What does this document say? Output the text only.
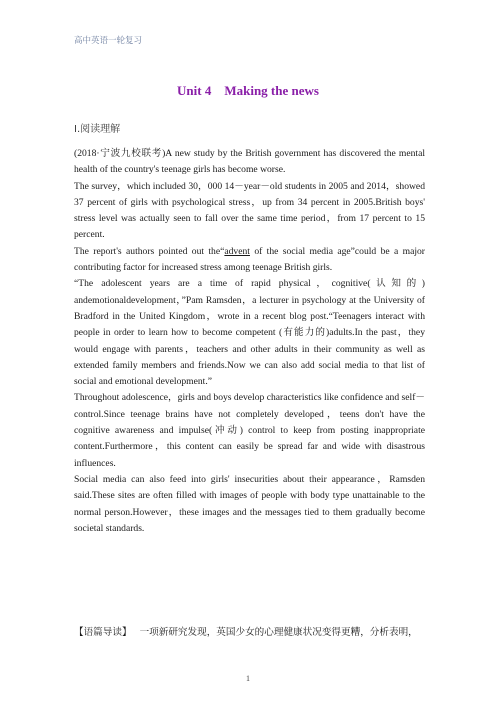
高中英语一轮复习
Unit 4　Making the news
Ⅰ.阅读理解

(2018·宁波九校联考)A new study by the British government has discovered the mental health of the country's teenage girls has become worse.

The survey，which included 30，000 14－year－old students in 2005 and 2014，showed 37 percent of girls with psychological stress，up from 34 percent in 2005.British boys' stress level was actually seen to fall over the same time period，from 17 percent to 15 percent.

The report's authors pointed out the“advent of the social media age”could be a major contributing factor for increased stress among teenage British girls.

“The adolescent years are a time of rapid physical，cognitive(认知的) andemotionaldevelopment，”Pam Ramsden，a lecturer in psychology at the University of Bradford in the United Kingdom，wrote in a recent blog post.“Teenagers interact with people in order to learn how to become competent (有能力的)adults.In the past，they would engage with parents，teachers and other adults in their community as well as extended family members and friends.Now we can also add social media to that list of social and emotional development.”

Throughout adolescence，girls and boys develop characteristics like confidence and self－control.Since teenage brains have not completely developed，teens don't have the cognitive awareness and impulse(冲动) control to keep from posting inappropriate content.Furthermore，this content can easily be spread far and wide with disastrous influences.

Social media can also feed into girls' insecurities about their appearance，Ramsden said.These sites are often filled with images of people with body type unattainable to the normal person.However，these images and the messages tied to them gradually become societal standards.

【语篇导读】 一项新研究发现，英国少女的心理健康状况变得更糟，分析表明，
1
